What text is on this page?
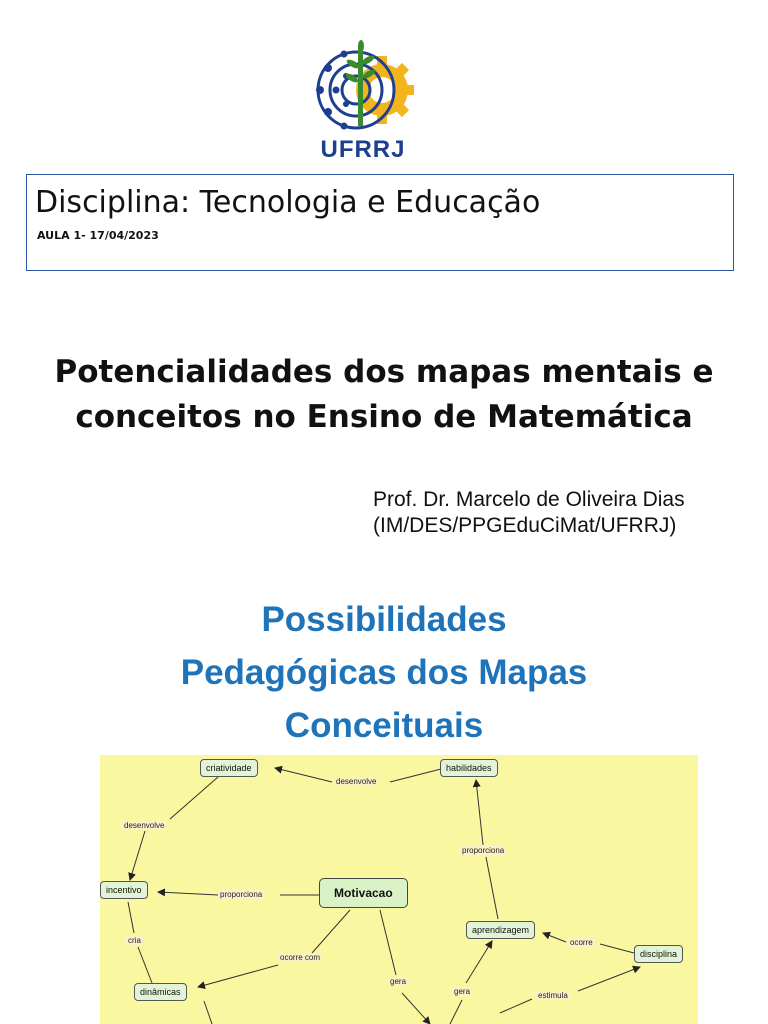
UFRRJ
Disciplina: Tecnologia e Educação
AULA 1- 17/04/2023
Potencialidades dos mapas mentais e
conceitos no Ensino de Matemática
Prof. Dr. Marcelo de Oliveira Dias
(IM/DES/PPGEduCiMat/UFRRJ)
Possibilidades
Pedagógicas dos Mapas
Conceituais
criatividade	habilidades
incentivo	Motivacao
aprendizagem
disciplina
dinâmicas
desenvolve
desenvolve
proporciona
proporciona
ocorre
cria
ocorre com
gera
gera	estimula
